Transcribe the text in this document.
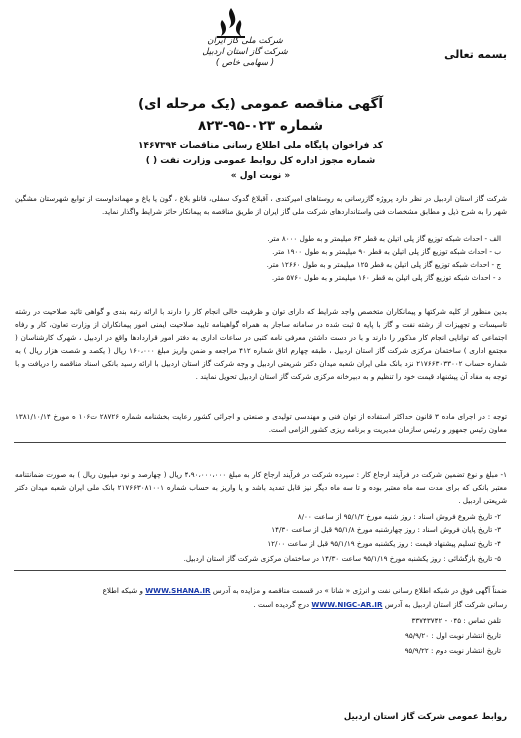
بسمه تعالی
شرکت ملی گاز ایران
شرکت گاز استان اردبیل
( سهامی خاص )
آگهی مناقصه عمومی (یک مرحله ای)
شماره ۰۲۳-۹۵-۸۲۳
کد فراخوان پایگاه ملی اطلاع رسانی مناقصات ۱۴۶۷۳۹۴
شماره مجوز اداره کل روابط عمومی وزارت نفت ( )
« نوبت اول »
شرکت گاز استان اردبیل در نظر دارد پروژه گازرسانی به روستاهای امیرکندی ، آقبلاغ گدوک سفلی، قانلو بلاغ ، گون یا یاغ و مهمانداوست از توابع شهرستان مشگین شهر را به شرح ذیل و مطابق مشخصات فنی واستانداردهای شرکت ملی گاز ایران از طریق مناقصه به پیمانکار حائز شرایط واگذار نماید.
الف - احداث شبکه توزیع گاز پلی اتیلن به قطر ۶۳ میلیمتر و به طول ۸۰۰۰ متر.
ب - احداث شبکه توزیع گاز پلی اتیلن به قطر ۹۰ میلیمتر و به طول ۱۹۰۰ متر.
ج - احداث شبکه توزیع گاز پلی اتیلن به قطر ۱۲۵ میلیمتر و به طول ۱۲۶۶۰ متر.
د - احداث شبکه توزیع گاز پلی اتیلن به قطر ۱۶۰ میلیمتر و به طول ۵۷۶۰ متر.
بدین منظور از کلیه شرکتها و پیمانکاران متخصص واجد شرایط که دارای توان و ظرفیت خالی انجام کار را دارند با ارائه رتبه بندی و گواهی تائید صلاحیت در رشته تاسیسات و تجهیزات از رشته نفت و گاز با پایه ۵ ثبت شده در سامانه ساجار به همراه گواهینامه تایید صلاحیت ایمنی امور پیمانکاران از وزارت تعاون، کار و رفاه اجتماعی که توانایی انجام کار مذکور را دارند و با در دست داشتن معرفی نامه کتبی در ساعات اداری به دفتر امور قراردادها واقع در اردبیل ، شهرک کارشناسان ( مجتمع اداری ) ساختمان مرکزی شرکت گاز استان اردبیل ، طبقه چهارم اتاق شماره ۴۱۲ مراجعه و ضمن واریز مبلغ ۱۶۰،۰۰۰ ریال ( یکصد و شصت هزار ریال ) به شماره حساب ۲۱۷۶۶۳۰۳۳۰۰۲ نزد بانک ملی ایران شعبه میدان دکتر شریعتی اردبیل و وجه شرکت گاز استان اردبیل با ارائه رسید بانکی اسناد مناقصه را دریافت و با توجه به مفاد آن پیشنهاد قیمت خود را تنظیم و به دبیرخانه مرکزی شرکت گاز استان اردبیل تحویل نمایند .
توجه : در اجرای ماده ۳ قانون حداکثر استفاده از توان فنی و مهندسی تولیدی و صنعتی و اجرائی کشور رعایت بخشنامه شماره ۲۸۷۲۶ ت۱۰۶ ه مورخ ۱۳۸۱/۱۰/۱۴ معاون رئیس جمهور و رئیس سازمان مدیریت و برنامه ریزی کشور الزامی است.
۱- مبلغ و نوع تضمین شرکت در فرآیند ارجاع کار : سپرده شرکت در فرآیند ارجاع کار به مبلغ ۴،۹۰،۰۰۰،۰۰۰ ریال ( چهارصد و نود میلیون ریال ) به صورت ضمانتنامه معتبر بانکی که برای مدت سه ماه معتبر بوده و تا سه ماه دیگر نیز قابل تمدید باشد و یا واریز به حساب شماره ۲۱۷۶۶۳۰۸۱۰۰۱ بانک ملی ایران شعبه میدان دکتر شریعتی اردبیل .
۲- تاریخ شروع فروش اسناد : روز شنبه مورخ ۹۵/۱/۲ از ساعت ۸/۰۰
۳- تاریخ پایان فروش اسناد : روز چهارشنبه مورخ ۹۵/۱/۸ قبل از ساعت ۱۴/۳۰
۴- تاریخ تسلیم پیشنهاد قیمت : روز یکشنبه مورخ ۹۵/۱/۱۹ قبل از ساعت ۱۲/۰۰
۵- تاریخ بازگشائی : روز یکشنبه مورخ ۹۵/۱/۱۹ ساعت ۱۴/۳۰ در ساختمان مرکزی شرکت گاز استان اردبیل.
ضمناً آگهی فوق در شبکه اطلاع رسانی نفت و انرژی « شانا » در قسمت مناقصه و مزایده به آدرس WWW.SHANA.IR و شبکه اطلاع
رسانی شرکت گاز استان اردبیل به آدرس WWW.NIGC-AR.IR درج گردیده است .
تلفن تماس : ۰۴۵ - ۳۳۷۴۳۷۴۲
تاریخ انتشار نوبت اول : ۹۵/۹/۲۰
تاریخ انتشار نوبت دوم : ۹۵/۹/۲۲
روابط عمومی شرکت گاز استان اردبیل
